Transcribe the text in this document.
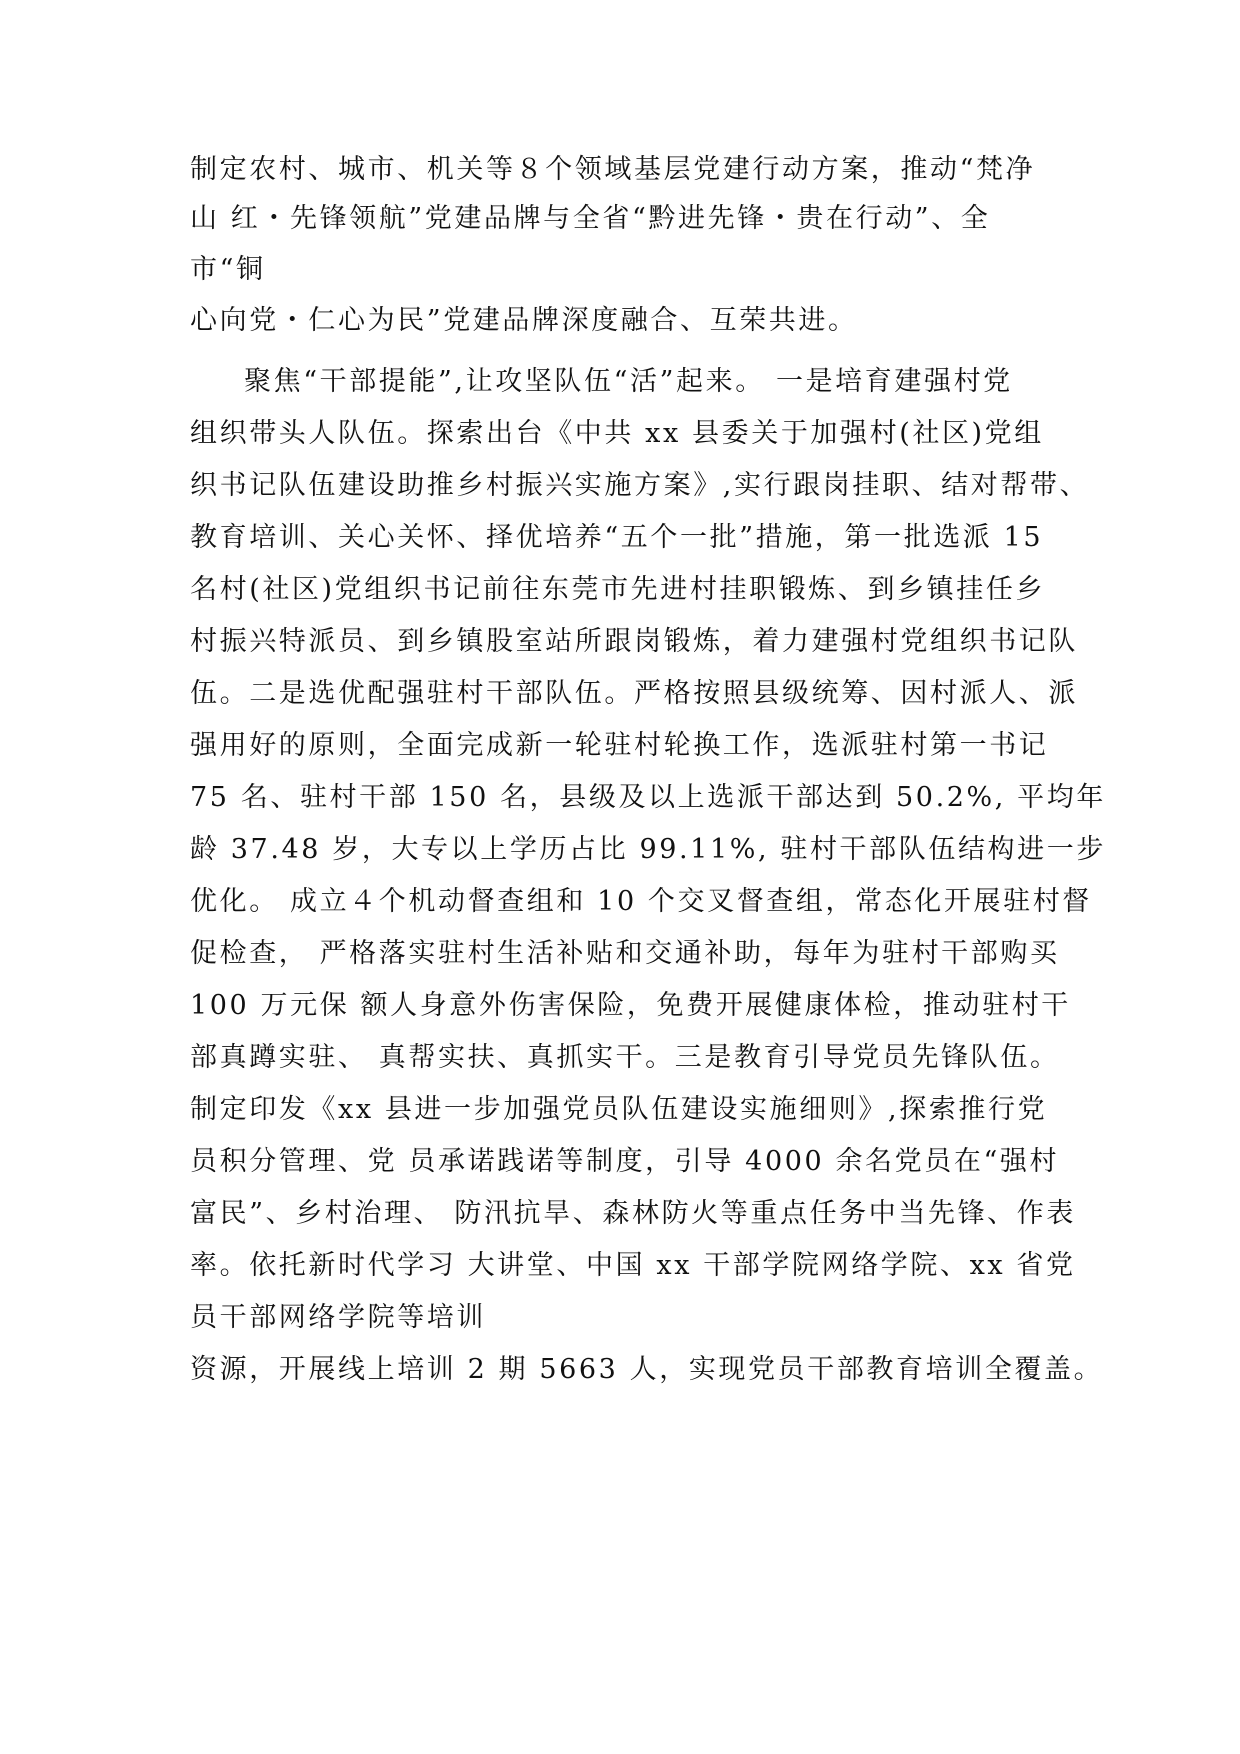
制定农村、城市、机关等８个领域基层党建行动方案，推动“梵净
山 红・先锋领航”党建品牌与全省“黔进先锋・贵在行动”、全
市“铜
心向党・仁心为民”党建品牌深度融合、互荣共进。
聚焦“干部提能”,让攻坚队伍“活”起来。 一是培育建强村党
组织带头人队伍。探索出台《中共 xx 县委关于加强村(社区)党组
织书记队伍建设助推乡村振兴实施方案》,实行跟岗挂职、结对帮带、
教育培训、关心关怀、择优培养“五个一批”措施，第一批选派 15
名村(社区)党组织书记前往东莞市先进村挂职锻炼、到乡镇挂任乡
村振兴特派员、到乡镇股室站所跟岗锻炼，着力建强村党组织书记队
伍。二是选优配强驻村干部队伍。严格按照县级统筹、因村派人、派
强用好的原则，全面完成新一轮驻村轮换工作，选派驻村第一书记
75 名、驻村干部 150 名，县级及以上选派干部达到 50.2%, 平均年
龄 37.48 岁，大专以上学历占比 99.11%, 驻村干部队伍结构进一步
优化。 成立４个机动督查组和 10 个交叉督查组，常态化开展驻村督
促检查， 严格落实驻村生活补贴和交通补助，每年为驻村干部购买
100 万元保 额人身意外伤害保险，免费开展健康体检，推动驻村干
部真蹲实驻、 真帮实扶、真抓实干。三是教育引导党员先锋队伍。
制定印发《xx 县进一步加强党员队伍建设实施细则》,探索推行党
员积分管理、党 员承诺践诺等制度，引导 4000 余名党员在“强村
富民”、乡村治理、 防汛抗旱、森林防火等重点任务中当先锋、作表
率。依托新时代学习 大讲堂、中国 xx 干部学院网络学院、xx 省党
员干部网络学院等培训
资源，开展线上培训 2 期 5663 人，实现党员干部教育培训全覆盖。
